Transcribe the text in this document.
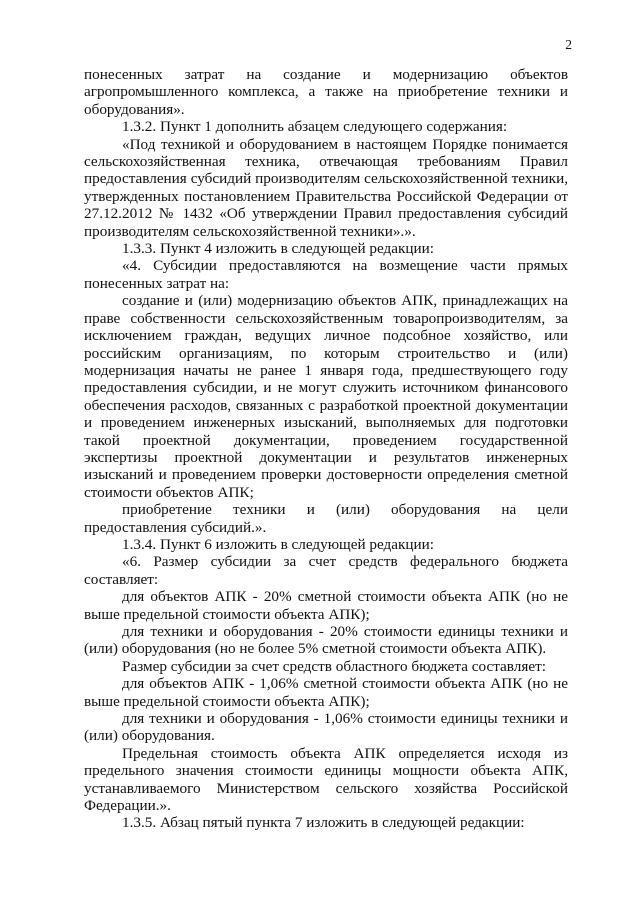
2

понесенных затрат на создание и модернизацию объектов агропромышленного комплекса, а также на приобретение техники и оборудования».

1.3.2. Пункт 1 дополнить абзацем следующего содержания:

«Под техникой и оборудованием в настоящем Порядке понимается сельскохозяйственная техника, отвечающая требованиям Правил предоставления субсидий производителям сельскохозяйственной техники, утвержденных постановлением Правительства Российской Федерации от 27.12.2012 № 1432 «Об утверждении Правил предоставления субсидий производителям сельскохозяйственной техники».».

1.3.3. Пункт 4 изложить в следующей редакции:

«4. Субсидии предоставляются на возмещение части прямых понесенных затрат на:

создание и (или) модернизацию объектов АПК, принадлежащих на праве собственности сельскохозяйственным товаропроизводителям, за исключением граждан, ведущих личное подсобное хозяйство, или российским организациям, по которым строительство и (или) модернизация начаты не ранее 1 января года, предшествующего году предоставления субсидии, и не могут служить источником финансового обеспечения расходов, связанных с разработкой проектной документации и проведением инженерных изысканий, выполняемых для подготовки такой проектной документации, проведением государственной экспертизы проектной документации и результатов инженерных изысканий и проведением проверки достоверности определения сметной стоимости объектов АПК;

приобретение техники и (или) оборудования на цели предоставления субсидий.».

1.3.4. Пункт 6 изложить в следующей редакции:

«6. Размер субсидии за счет средств федерального бюджета составляет:

для объектов АПК - 20% сметной стоимости объекта АПК (но не выше предельной стоимости объекта АПК);

для техники и оборудования - 20% стоимости единицы техники и (или) оборудования (но не более 5% сметной стоимости объекта АПК).

Размер субсидии за счет средств областного бюджета составляет:

для объектов АПК - 1,06% сметной стоимости объекта АПК (но не выше предельной стоимости объекта АПК);

для техники и оборудования - 1,06% стоимости единицы техники и (или) оборудования.

Предельная стоимость объекта АПК определяется исходя из предельного значения стоимости единицы мощности объекта АПК, устанавливаемого Министерством сельского хозяйства Российской Федерации.».

1.3.5. Абзац пятый пункта 7 изложить в следующей редакции:
